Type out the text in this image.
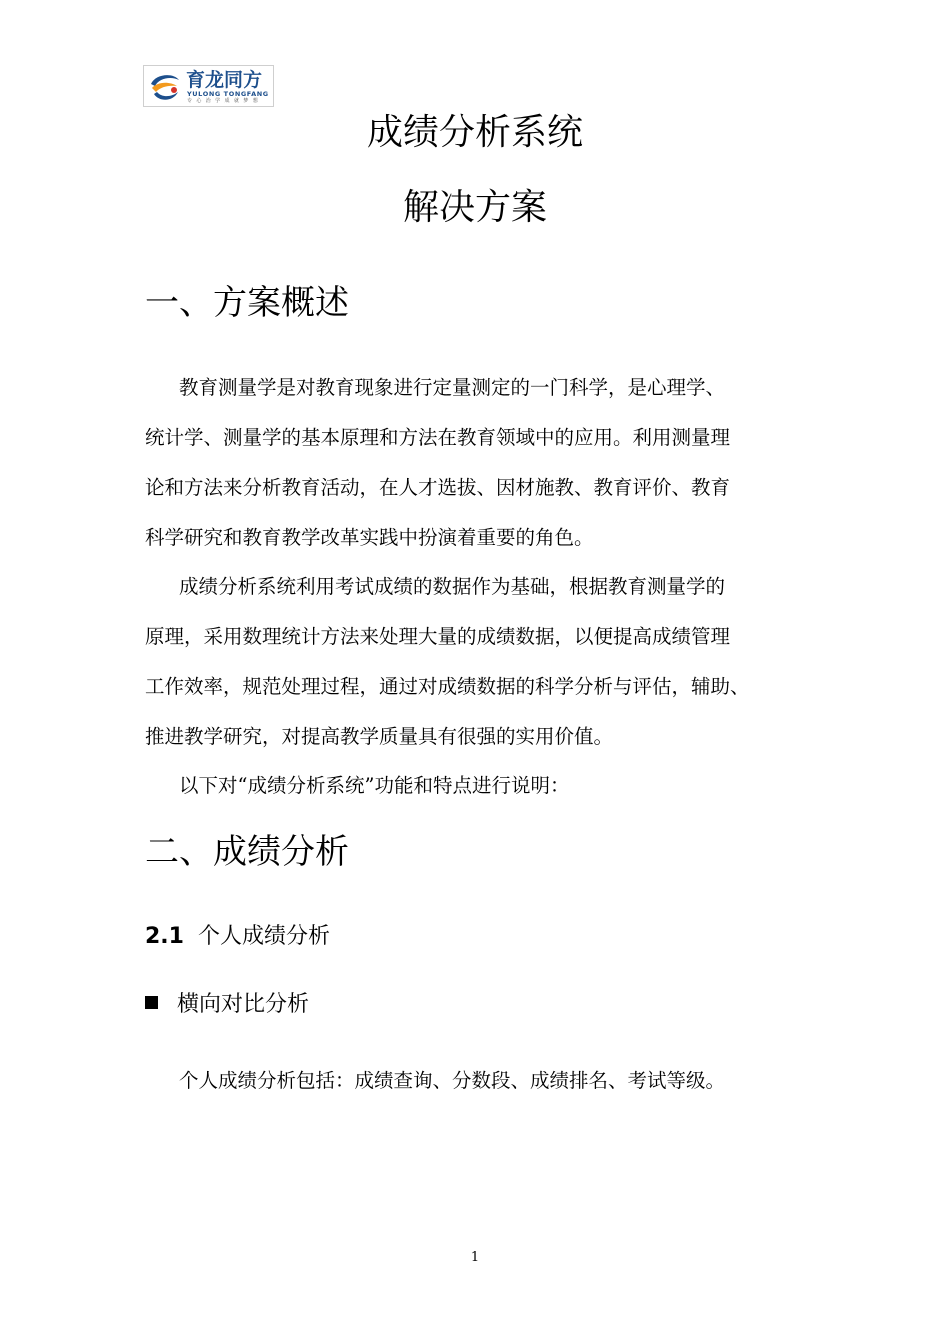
育龙同方
YULONG TONGFANG
专 心 治 学 成 就 梦 想
成绩分析系统
解决方案
一、方案概述
教育测量学是对教育现象进行定量测定的一门科学，是心理学、
统计学、测量学的基本原理和方法在教育领域中的应用。利用测量理
论和方法来分析教育活动，在人才选拔、因材施教、教育评价、教育
科学研究和教育教学改革实践中扮演着重要的角色。
成绩分析系统利用考试成绩的数据作为基础，根据教育测量学的
原理，采用数理统计方法来处理大量的成绩数据，以便提高成绩管理
工作效率，规范处理过程，通过对成绩数据的科学分析与评估，辅助、
推进教学研究，对提高教学质量具有很强的实用价值。
以下对“成绩分析系统”功能和特点进行说明：
二、成绩分析
2.1 个人成绩分析
横向对比分析
个人成绩分析包括：成绩查询、分数段、成绩排名、考试等级。
1
